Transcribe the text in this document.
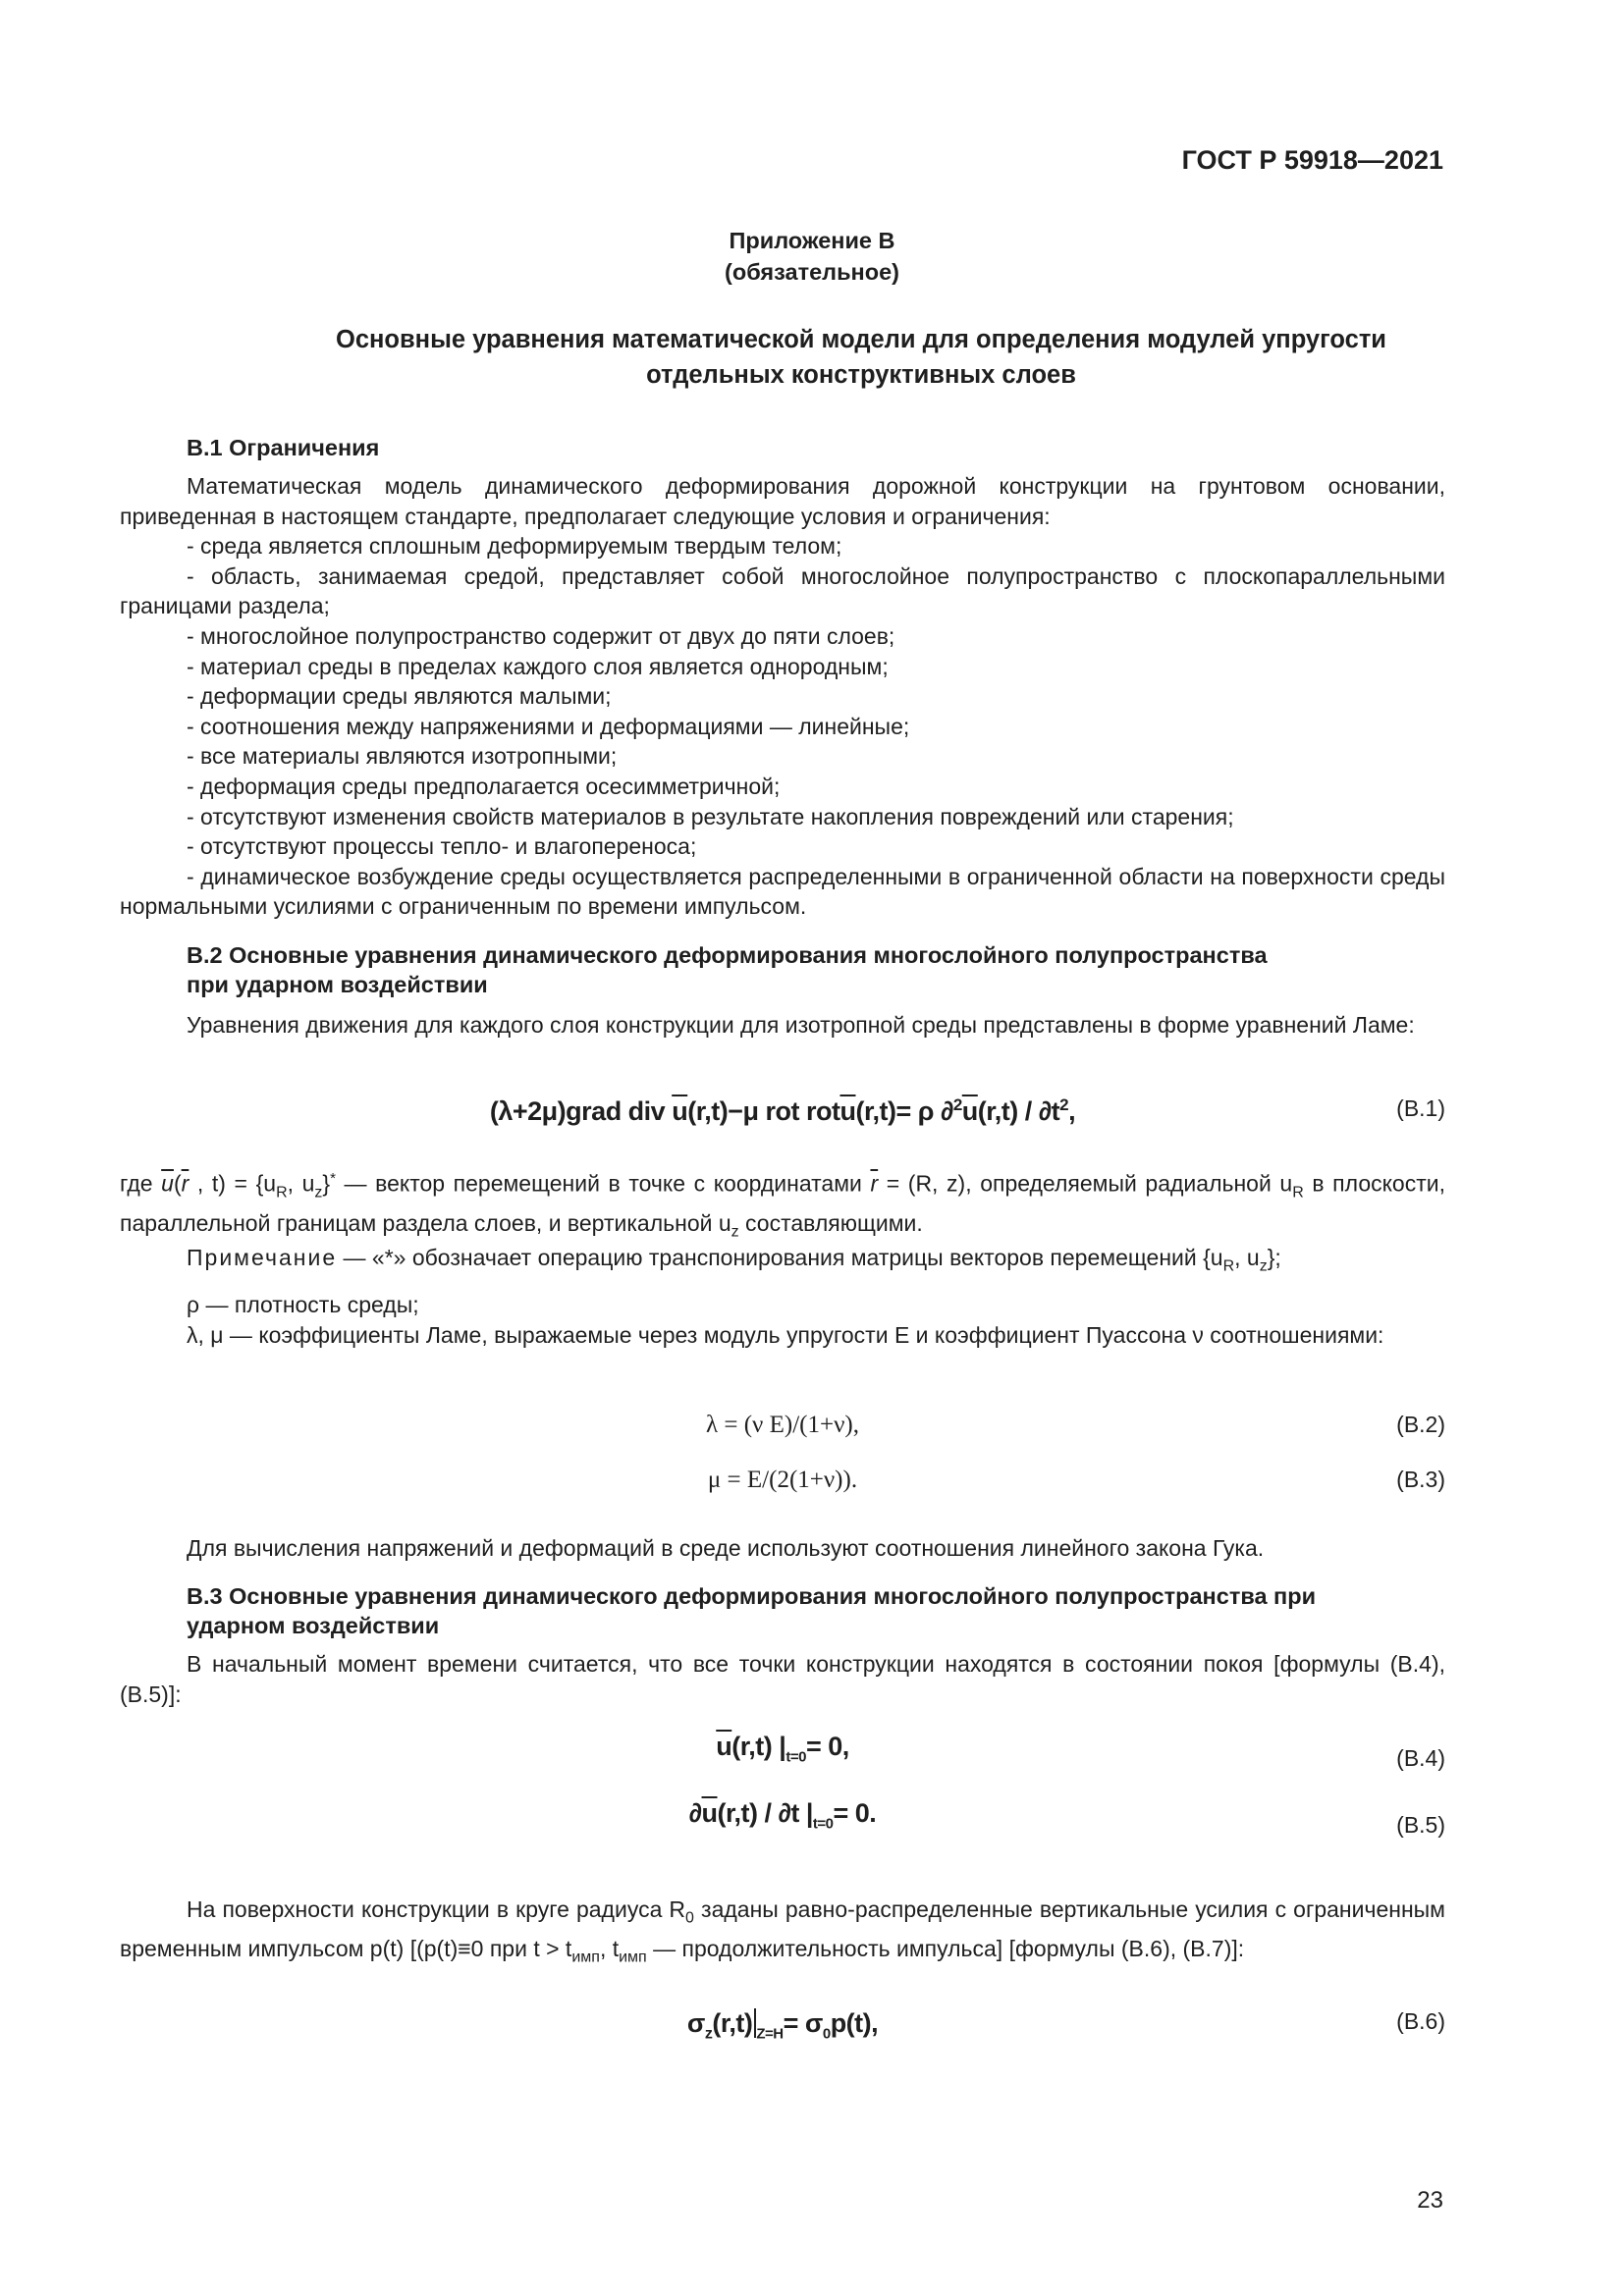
ГОСТ Р 59918—2021
Приложение В
(обязательное)
Основные уравнения математической модели для определения модулей упругости
отдельных конструктивных слоев
В.1 Ограничения

Математическая модель динамического деформирования дорожной конструкции на грунтовом основании, приведенная в настоящем стандарте, предполагает следующие условия и ограничения:

- среда является сплошным деформируемым твердым телом;

- область, занимаемая средой, представляет собой многослойное полупространство с плоскопараллельными границами раздела;

- многослойное полупространство содержит от двух до пяти слоев;

- материал среды в пределах каждого слоя является однородным;

- деформации среды являются малыми;

- соотношения между напряжениями и деформациями — линейные;

- все материалы являются изотропными;

- деформация среды предполагается осесимметричной;

- отсутствуют изменения свойств материалов в результате накопления повреждений или старения;

- отсутствуют процессы тепло- и влагопереноса;

- динамическое возбуждение среды осуществляется распределенными в ограниченной области на поверхности среды нормальными усилиями с ограниченным по времени импульсом.

В.2 Основные уравнения динамического деформирования многослойного полупространства
при ударном воздействии

Уравнения движения для каждого слоя конструкции для изотропной среды представлены в форме уравнений Ламе:

(λ+2μ)grad div $\overline{u}(r,t)-\mu$ rot $rot\overline{u}(r,t)= \rho$ $\partial^2\overline{u}(r,t) / \partial t^2$,	(В.1)

где $\overline{u}(\overline{r}$ , $t) = \{u_R$, $u_z\}^*$ — вектор перемещений в точке с координатами $\overline{r} = (R$, z), определяемый радиальной $u_R$ в плоскости, параллельной границам раздела слоев, и вертикальной $u_z$ составляющими.

Примечание — «*» обозначает операцию транспонирования матрицы векторов перемещений {$u_R$, $u_z$};

ρ — плотность среды;

λ, μ — коэффициенты Ламе, выражаемые через модуль упругости E и коэффициент Пуассона ν соотношениями:

λ = (ν E)/(1+ν),	(В.2)
μ = E/(2(1+ν)).	(В.3)

Для вычисления напряжений и деформаций в среде используют соотношения линейного закона Гука.

В.3 Основные уравнения динамического деформирования многослойного полупространства при
ударном воздействии

В начальный момент времени считается, что все точки конструкции находятся в состоянии покоя [формулы (В.4), (В.5)]:

$\overline{u}(r,t)$ $|_{t=0}= 0$,	(В.4)
$\partial\overline{u}(r,t) / \partial t$ $|_{t=0}= 0$.	(В.5)

На поверхности конструкции в круге радиуса $R_0$ заданы равно-распределенные вертикальные усилия с ограниченным временным импульсом p(t) [(p(t)≡0 при $t > t_{имп}$, $t_{имп}$ — продолжительность импульса] [формулы (В.6), (В.7)]:

$\sigma_z(r,t)$ $_{Z=H}= \sigma_0p(t)$,	(В.6)
23
